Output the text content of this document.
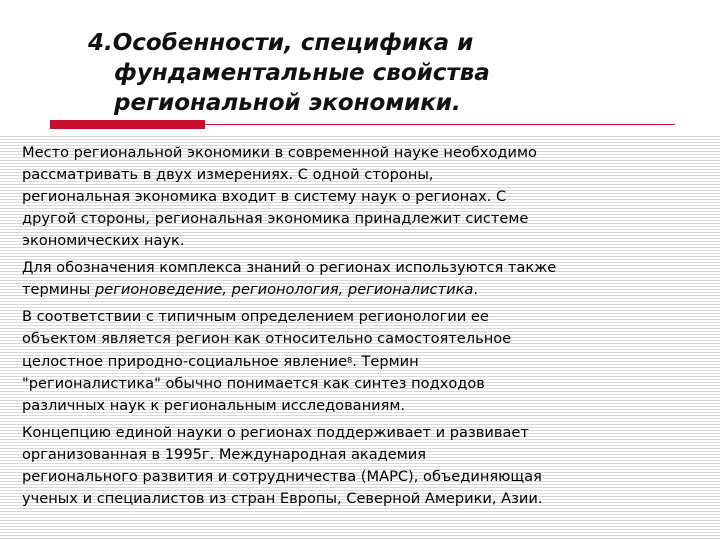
4.Особенности, специфика и
фундаментальные свойства
региональной экономики.

Место региональной экономики в современной науке необходимо
рассматривать в двух измерениях. С одной стороны,
региональная экономика входит в систему наук о регионах. С
другой стороны, региональная экономика принадлежит системе
экономических наук.

Для обозначения комплекса знаний о регионах используются также
термины регионоведение, регионология, регионалистика.

В соответствии с типичным определением регионологии ее
объектом является регион как относительно самостоятельное
целостное природно-социальное явление$^8$. Термин
"регионалистика" обычно понимается как синтез подходов
различных наук к региональным исследованиям.

Концепцию единой науки о регионах поддерживает и развивает
организованная в 1995г. Международная академия
регионального развития и сотрудничества (МАРС), объединяющая
ученых и специалистов из стран Европы, Северной Америки, Азии.
